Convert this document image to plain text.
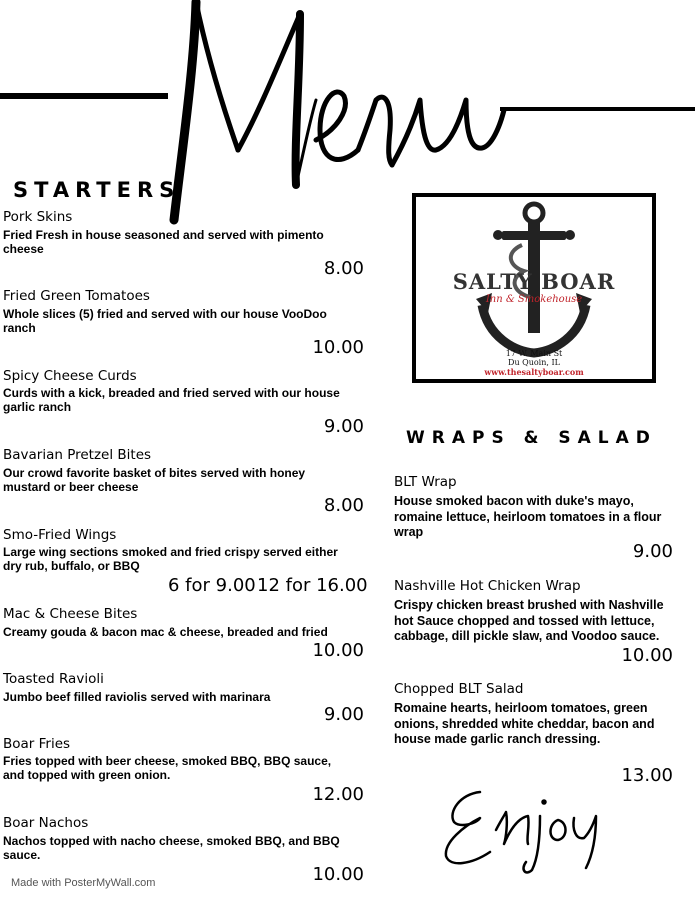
STARTERS
Pork Skins
Fried Fresh in house seasoned and served with pimento cheese
8.00
Fried Green Tomatoes
Whole slices (5) fried and served with our house VooDoo ranch
10.00
Spicy Cheese Curds
Curds with a kick, breaded and fried served with our house garlic ranch
9.00
Bavarian Pretzel Bites
Our crowd favorite basket of bites served with honey mustard or beer cheese
8.00
Smo-Fried Wings
Large wing sections smoked and fried crispy served either dry rub, buffalo, or BBQ
6 for 9.00 12 for 16.00
Mac & Cheese Bites
Creamy gouda & bacon mac & cheese, breaded and fried
10.00
Toasted Ravioli
Jumbo beef filled raviolis served with marinara
9.00
Boar Fries
Fries topped with beer cheese, smoked BBQ, BBQ sauce, and topped with green onion.
12.00
Boar Nachos
Nachos topped with nacho cheese, smoked BBQ, and BBQ sauce.
10.00
SALTY BOAR
Inn & Smokehouse
17 W. Main St
Du Quoin, IL
www.thesaltyboar.com
WRAPS & SALAD
BLT Wrap
House smoked bacon with duke's mayo, romaine lettuce, heirloom tomatoes in a flour wrap
9.00
Nashville Hot Chicken Wrap
Crispy chicken breast brushed with Nashville hot Sauce chopped and tossed with lettuce, cabbage, dill pickle slaw, and Voodoo sauce.
10.00
Chopped BLT Salad
Romaine hearts, heirloom tomatoes, green onions, shredded white cheddar, bacon and house made garlic ranch dressing.
13.00
Made with PosterMyWall.com
